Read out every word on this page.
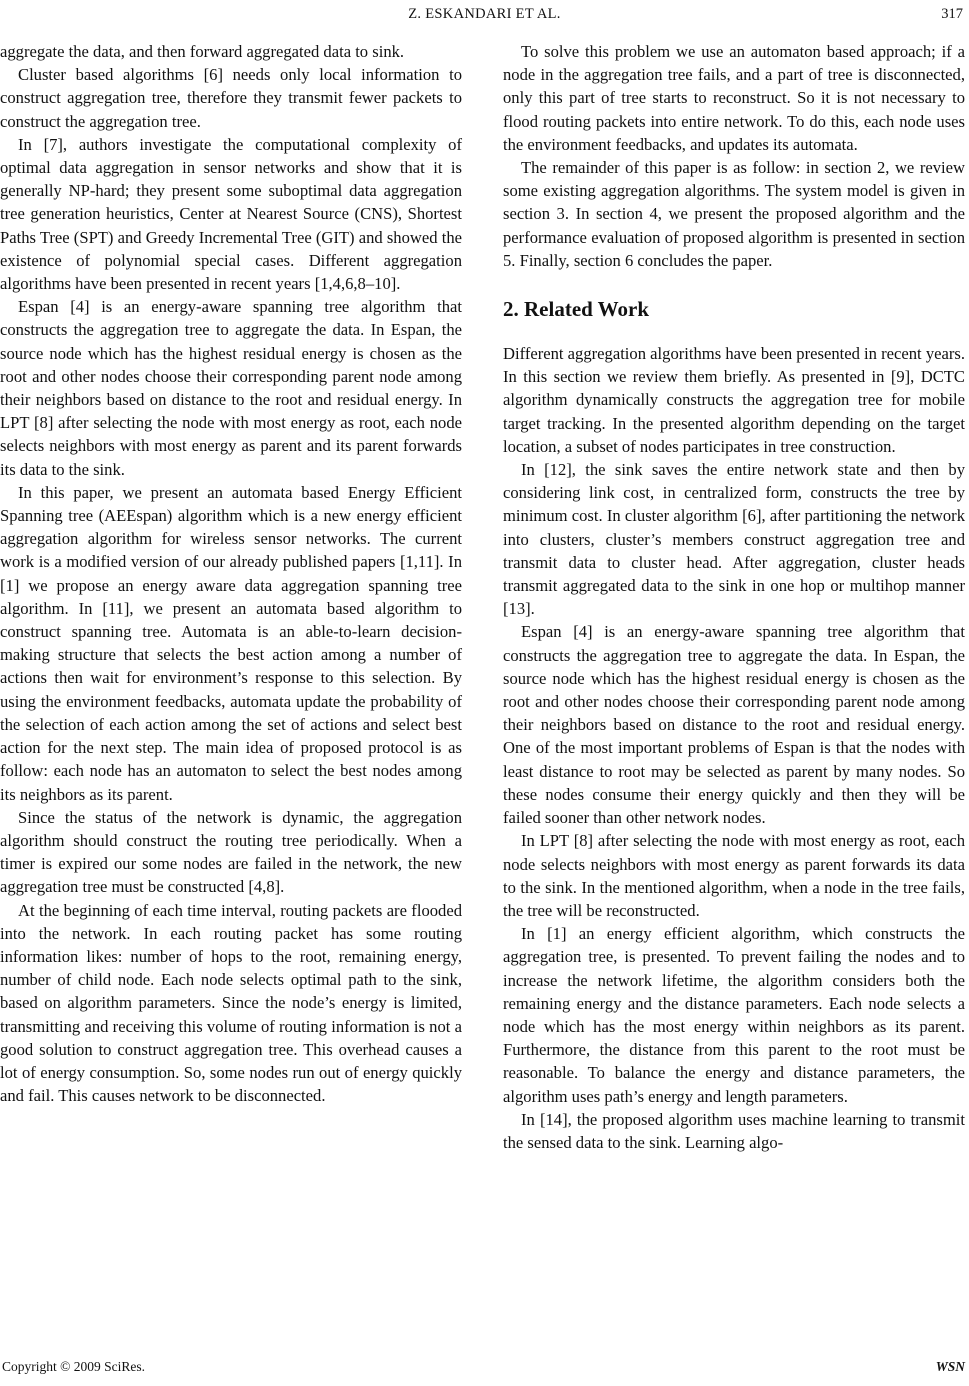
Z. ESKANDARI ET AL.	317

aggregate the data, and then forward aggregated data to sink.

Cluster based algorithms [6] needs only local information to construct aggregation tree, therefore they transmit fewer packets to construct the aggregation tree.

In [7], authors investigate the computational complexity of optimal data aggregation in sensor networks and show that it is generally NP-hard; they present some suboptimal data aggregation tree generation heuristics, Center at Nearest Source (CNS), Shortest Paths Tree (SPT) and Greedy Incremental Tree (GIT) and showed the existence of polynomial special cases. Different aggregation algorithms have been presented in recent years [1,4,6,8–10].

Espan [4] is an energy-aware spanning tree algorithm that constructs the aggregation tree to aggregate the data. In Espan, the source node which has the highest residual energy is chosen as the root and other nodes choose their corresponding parent node among their neighbors based on distance to the root and residual energy. In LPT [8] after selecting the node with most energy as root, each node selects neighbors with most energy as parent and its parent forwards its data to the sink.

In this paper, we present an automata based Energy Efficient Spanning tree (AEEspan) algorithm which is a new energy efficient aggregation algorithm for wireless sensor networks. The current work is a modified version of our already published papers [1,11]. In [1] we propose an energy aware data aggregation spanning tree algorithm. In [11], we present an automata based algorithm to construct spanning tree. Automata is an able-to-learn decision-making structure that selects the best action among a number of actions then wait for environment’s response to this selection. By using the environment feedbacks, automata update the probability of the selection of each action among the set of actions and select best action for the next step. The main idea of proposed protocol is as follow: each node has an automaton to select the best nodes among its neighbors as its parent.

Since the status of the network is dynamic, the aggregation algorithm should construct the routing tree periodically. When a timer is expired our some nodes are failed in the network, the new aggregation tree must be constructed [4,8].

At the beginning of each time interval, routing packets are flooded into the network. In each routing packet has some routing information likes: number of hops to the root, remaining energy, number of child node. Each node selects optimal path to the sink, based on algorithm parameters. Since the node’s energy is limited, transmitting and receiving this volume of routing information is not a good solution to construct aggregation tree. This overhead causes a lot of energy consumption. So, some nodes run out of energy quickly and fail. This causes network to be disconnected.

To solve this problem we use an automaton based approach; if a node in the aggregation tree fails, and a part of tree is disconnected, only this part of tree starts to reconstruct. So it is not necessary to flood routing packets into entire network. To do this, each node uses the environment feedbacks, and updates its automata.

The remainder of this paper is as follow: in section 2, we review some existing aggregation algorithms. The system model is given in section 3. In section 4, we present the proposed algorithm and the performance evaluation of proposed algorithm is presented in section 5. Finally, section 6 concludes the paper.

2. Related Work

Different aggregation algorithms have been presented in recent years. In this section we review them briefly. As presented in [9], DCTC algorithm dynamically constructs the aggregation tree for mobile target tracking. In the presented algorithm depending on the target location, a subset of nodes participates in tree construction.

In [12], the sink saves the entire network state and then by considering link cost, in centralized form, constructs the tree by minimum cost. In cluster algorithm [6], after partitioning the network into clusters, cluster’s members construct aggregation tree and transmit data to cluster head. After aggregation, cluster heads transmit aggregated data to the sink in one hop or multihop manner [13].

Espan [4] is an energy-aware spanning tree algorithm that constructs the aggregation tree to aggregate the data. In Espan, the source node which has the highest residual energy is chosen as the root and other nodes choose their corresponding parent node among their neighbors based on distance to the root and residual energy. One of the most important problems of Espan is that the nodes with least distance to root may be selected as parent by many nodes. So these nodes consume their energy quickly and then they will be failed sooner than other network nodes.

In LPT [8] after selecting the node with most energy as root, each node selects neighbors with most energy as parent forwards its data to the sink. In the mentioned algorithm, when a node in the tree fails, the tree will be reconstructed.

In [1] an energy efficient algorithm, which constructs the aggregation tree, is presented. To prevent failing the nodes and to increase the network lifetime, the algorithm considers both the remaining energy and the distance parameters. Each node selects a node which has the most energy within neighbors as its parent. Furthermore, the distance from this parent to the root must be reasonable. To balance the energy and distance parameters, the algorithm uses path’s energy and length parameters.

In [14], the proposed algorithm uses machine learning to transmit the sensed data to the sink. Learning algo-

Copyright © 2009 SciRes.	WSN
